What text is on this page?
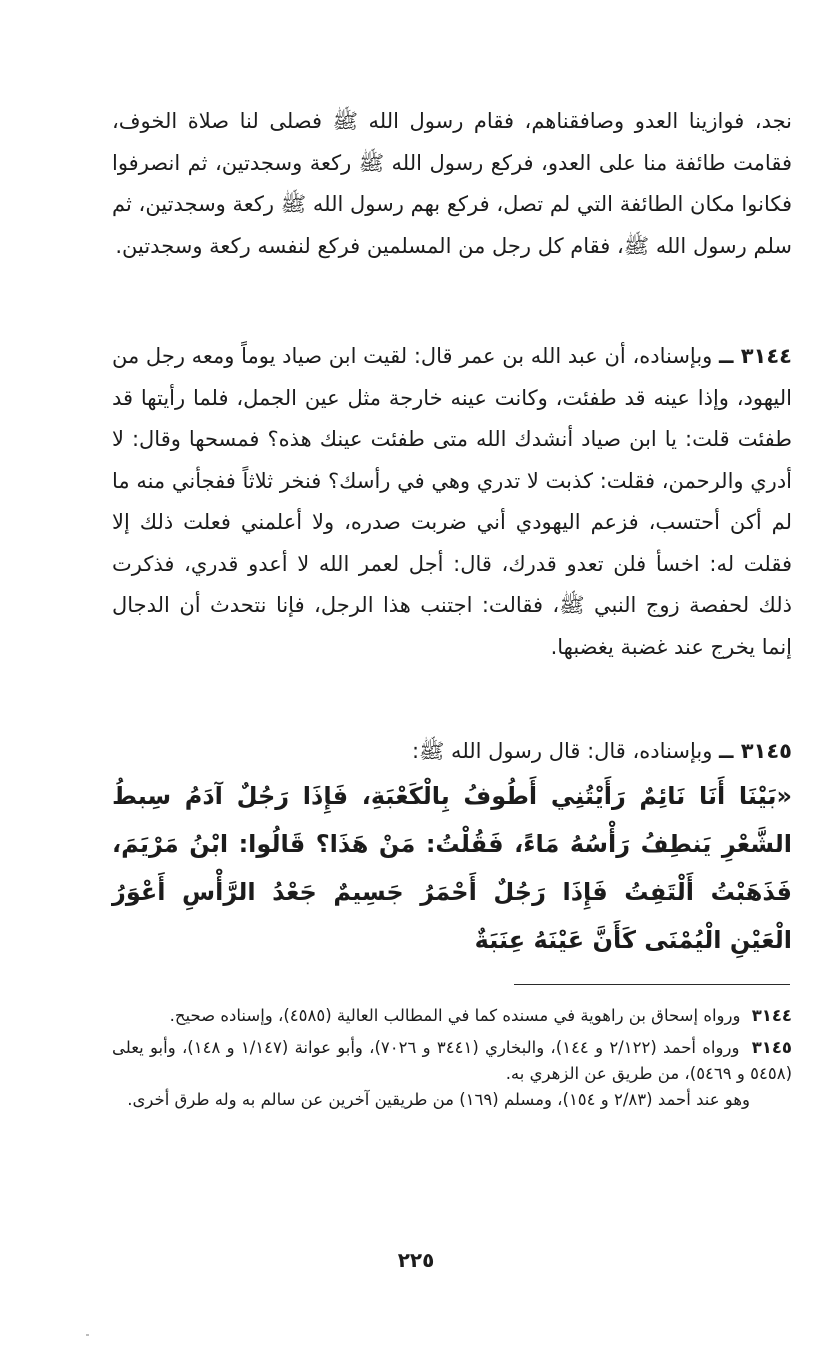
نجد، فوازينا العدو وصافقناهم، فقام رسول الله ﷺ فصلى لنا صلاة الخوف، فقامت طائفة منا على العدو، فركع رسول الله ﷺ ركعة وسجدتين، ثم انصرفوا فكانوا مكان الطائفة التي لم تصل، فركع بهم رسول الله ﷺ ركعة وسجدتين، ثم سلم رسول الله ﷺ، فقام كل رجل من المسلمين فركع لنفسه ركعة وسجدتين.
٣١٤٤ ــ وبإسناده، أن عبد الله بن عمر قال: لقيت ابن صياد يوماً ومعه رجل من اليهود، وإذا عينه قد طفئت، وكانت عينه خارجة مثل عين الجمل، فلما رأيتها قد طفئت قلت: يا ابن صياد أنشدك الله متى طفئت عينك هذه؟ فمسحها وقال: لا أدري والرحمن، فقلت: كذبت لا تدري وهي في رأسك؟ فنخر ثلاثاً ففجأني منه ما لم أكن أحتسب، فزعم اليهودي أني ضربت صدره، ولا أعلمني فعلت ذلك إلا فقلت له: اخسأ فلن تعدو قدرك، قال: أجل لعمر الله لا أعدو قدري، فذكرت ذلك لحفصة زوج النبي ﷺ، فقالت: اجتنب هذا الرجل، فإنا نتحدث أن الدجال إنما يخرج عند غضبة يغضبها.
٣١٤٥ ــ وبإسناده، قال: قال رسول الله ﷺ:
«بَيْنَا أَنَا نَائِمٌ رَأَيْتُنِي أَطُوفُ بِالْكَعْبَةِ، فَإِذَا رَجُلٌ آدَمُ سِبطُ الشَّعْرِ يَنطِفُ رَأْسُهُ مَاءً، فَقُلْتُ: مَنْ هَذَا؟ قَالُوا: ابْنُ مَرْيَمَ، فَذَهَبْتُ أَلْتَفِتُ فَإِذَا رَجُلٌ أَحْمَرُ جَسِيمٌ جَعْدُ الرَّأْسِ أَعْوَرُ الْعَيْنِ الْيُمْنَى كَأَنَّ عَيْنَهُ عِنَبَةٌ
٣١٤٤ ورواه إسحاق بن راهوية في مسنده كما في المطالب العالية (٤٥٨٥)، وإسناده صحيح.
٣١٤٥ ورواه أحمد (٢/١٢٢ و ١٤٤)، والبخاري (٣٤٤١ و ٧٠٢٦)، وأبو عوانة (١/١٤٧ و ١٤٨)، وأبو يعلى (٥٤٥٨ و ٥٤٦٩)، من طريق عن الزهري به.
وهو عند أحمد (٢/٨٣ و ١٥٤)، ومسلم (١٦٩) من طريقين آخرين عن سالم به وله طرق أخرى.
٢٢٥
